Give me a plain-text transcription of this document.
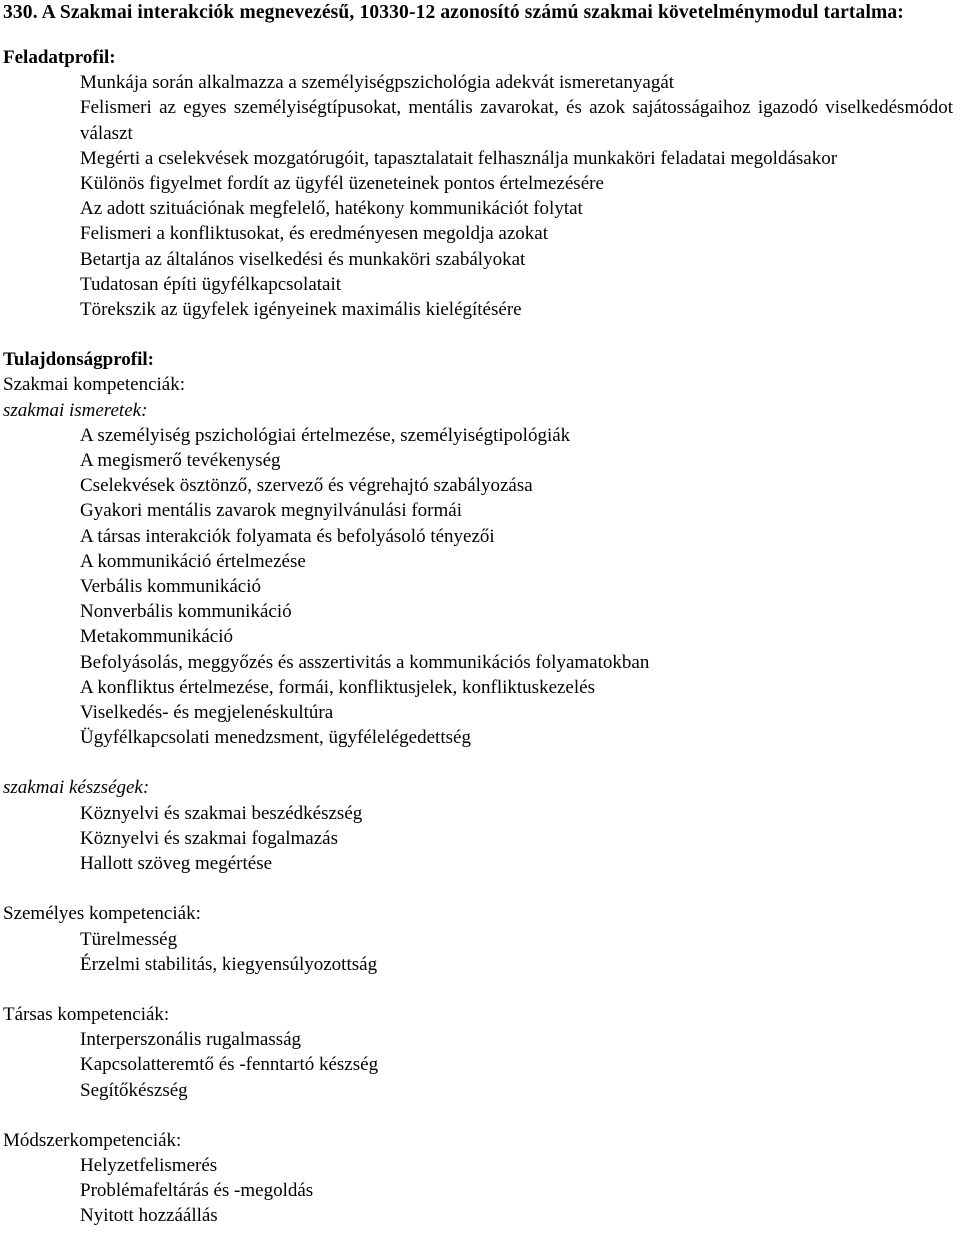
330. A Szakmai interakciók megnevezésű, 10330-12 azonosító számú szakmai követelménymodul tartalma:

Feladatprofil:

Munkája során alkalmazza a személyiségpszichológia adekvát ismeretanyagát
Felismeri az egyes személyiségtípusokat, mentális zavarokat, és azok sajátosságaihoz igazodó viselkedésmódot választ
Megérti a cselekvések mozgatórugóit, tapasztalatait felhasználja munkaköri feladatai megoldásakor
Különös figyelmet fordít az ügyfél üzeneteinek pontos értelmezésére
Az adott szituációnak megfelelő, hatékony kommunikációt folytat
Felismeri a konfliktusokat, és eredményesen megoldja azokat
Betartja az általános viselkedési és munkaköri szabályokat
Tudatosan építi ügyfélkapcsolatait
Törekszik az ügyfelek igényeinek maximális kielégítésére

Tulajdonságprofil:

Szakmai kompetenciák:

szakmai ismeretek:

A személyiség pszichológiai értelmezése, személyiségtipológiák
A megismerő tevékenység
Cselekvések ösztönző, szervező és végrehajtó szabályozása
Gyakori mentális zavarok megnyilvánulási formái
A társas interakciók folyamata és befolyásoló tényezői
A kommunikáció értelmezése
Verbális kommunikáció
Nonverbális kommunikáció
Metakommunikáció
Befolyásolás, meggyőzés és asszertivitás a kommunikációs folyamatokban
A konfliktus értelmezése, formái, konfliktusjelek, konfliktuskezelés
Viselkedés- és megjelenéskultúra
Ügyfélkapcsolati menedzsment, ügyfélelégedettség

szakmai készségek:

Köznyelvi és szakmai beszédkészség
Köznyelvi és szakmai fogalmazás
Hallott szöveg megértése

Személyes kompetenciák:

Türelmesség
Érzelmi stabilitás, kiegyensúlyozottság

Társas kompetenciák:

Interperszonális rugalmasság
Kapcsolatteremtő és -fenntartó készség
Segítőkészség

Módszerkompetenciák:

Helyzetfelismerés
Problémafeltárás és -megoldás
Nyitott hozzáállás
